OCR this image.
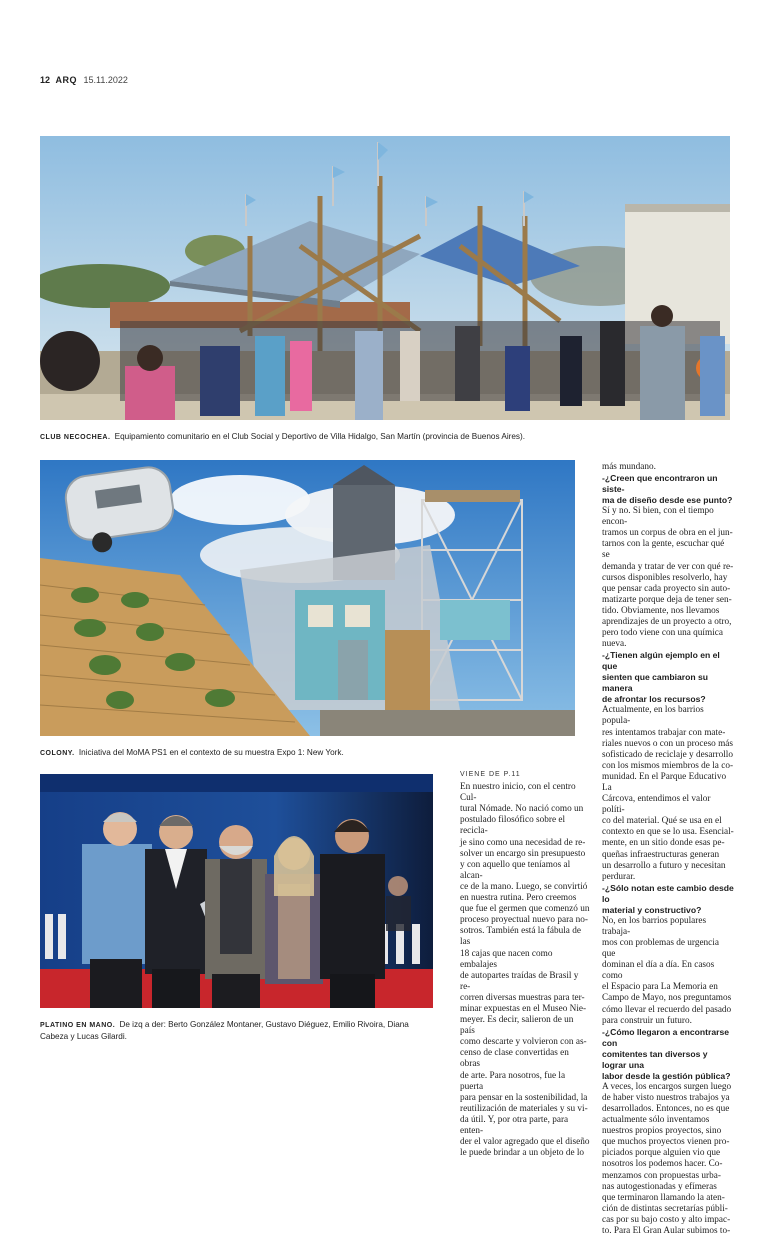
12 ARQ 15.11.2022
CLUB NECOCHEA. Equipamiento comunitario en el Club Social y Deportivo de Villa Hidalgo, San Martín (provincia de Buenos Aires).
COLONY. Iniciativa del MoMA PS1 en el contexto de su muestra Expo 1: New York.
PLATINO EN MANO. De izq a der: Berto González Montaner, Gustavo Diéguez, Emilio Rivoira, Diana Cabeza y Lucas Gilardi.
VIENE DE P.11
En nuestro inicio, con el centro Cul-
tural Nómade. No nació como un
postulado filosófico sobre el recicla-
je sino como una necesidad de re-
solver un encargo sin presupuesto
y con aquello que teníamos al alcan-
ce de la mano. Luego, se convirtió
en nuestra rutina. Pero creemos
que fue el germen que comenzó un
proceso proyectual nuevo para no-
sotros. También está la fábula de las
18 cajas que nacen como embalajes
de autopartes traídas de Brasil y re-
corren diversas muestras para ter-
minar expuestas en el Museo Nie-
meyer. Es decir, salieron de un país
como descarte y volvieron con as-
censo de clase convertidas en obras
de arte. Para nosotros, fue la puerta
para pensar en la sostenibilidad, la
reutilización de materiales y su vi-
da útil. Y, por otra parte, para enten-
der el valor agregado que el diseño
le puede brindar a un objeto de lo
más mundano.
-¿Creen que encontraron un siste-
ma de diseño desde ese punto?
Sí y no. Si bien, con el tiempo encon-
tramos un corpus de obra en el jun-
tarnos con la gente, escuchar qué se
demanda y tratar de ver con qué re-
cursos disponibles resolverlo, hay
que pensar cada proyecto sin auto-
matizarte porque deja de tener sen-
tido. Obviamente, nos llevamos
aprendizajes de un proyecto a otro,
pero todo viene con una química
nueva.
-¿Tienen algún ejemplo en el que
sienten que cambiaron su manera
de afrontar los recursos?
Actualmente, en los barrios popula-
res intentamos trabajar con mate-
riales nuevos o con un proceso más
sofisticado de reciclaje y desarrollo
con los mismos miembros de la co-
munidad. En el Parque Educativo La
Cárcova, entendimos el valor políti-
co del material. Qué se usa en el
contexto en que se lo usa. Esencial-
mente, en un sitio donde esas pe-
queñas infraestructuras generan
un desarrollo a futuro y necesitan
perdurar.
-¿Sólo notan este cambio desde lo
material y constructivo?
No, en los barrios populares trabaja-
mos con problemas de urgencia que
dominan el día a día. En casos como
el Espacio para La Memoria en
Campo de Mayo, nos preguntamos
cómo llevar el recuerdo del pasado
para construir un futuro.
-¿Cómo llegaron a encontrarse con
comitentes tan diversos y lograr una
labor desde la gestión pública?
A veces, los encargos surgen luego
de haber visto nuestros trabajos ya
desarrollados. Entonces, no es que
actualmente sólo inventamos
nuestros propios proyectos, sino
que muchos proyectos vienen pro-
piciados porque alguien vio que
nosotros los podemos hacer. Co-
menzamos con propuestas urba-
nas autogestionadas y efímeras
que terminaron llamando la aten-
ción de distintas secretarías públi-
cas por su bajo costo y alto impac-
to. Para El Gran Aular subimos to-
